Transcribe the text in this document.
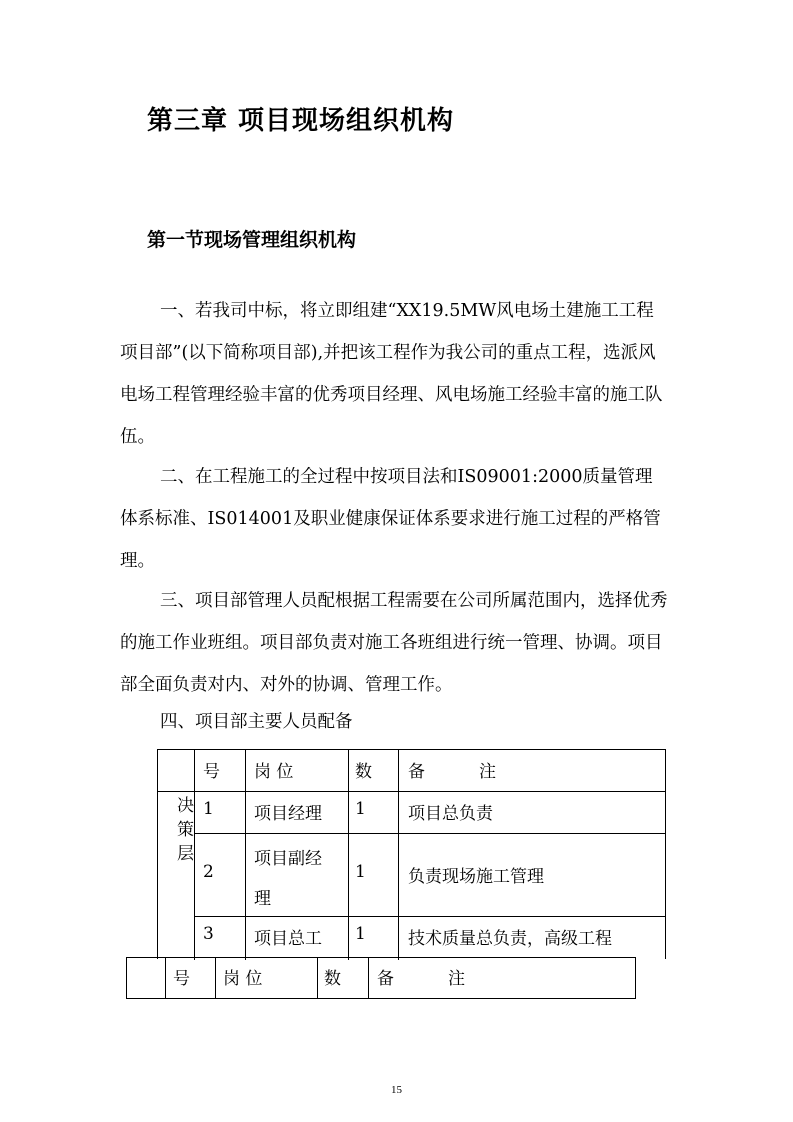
第三章 项目现场组织机构
第一节现场管理组织机构
一、若我司中标，将立即组建“XX19.5MW风电场土建施工工程项目部”(以下简称项目部),并把该工程作为我公司的重点工程，选派风电场工程管理经验丰富的优秀项目经理、风电场施工经验丰富的施工队伍。
二、在工程施工的全过程中按项目法和IS09001:2000质量管理体系标准、IS014001及职业健康保证体系要求进行施工过程的严格管理。
三、项目部管理人员配根据工程需要在公司所属范围内，选择优秀的施工作业班组。项目部负责对施工各班组进行统一管理、协调。项目部全面负责对内、对外的协调、管理工作。
四、项目部主要人员配备
号 岗 位	数 备          注
决策层
1 项目经理 1 项目总负责
2
项目副经理
1 负责现场施工管理
3 项目总工 1 技术质量总负责，高级工程
号 岗 位	数 备          注
15
